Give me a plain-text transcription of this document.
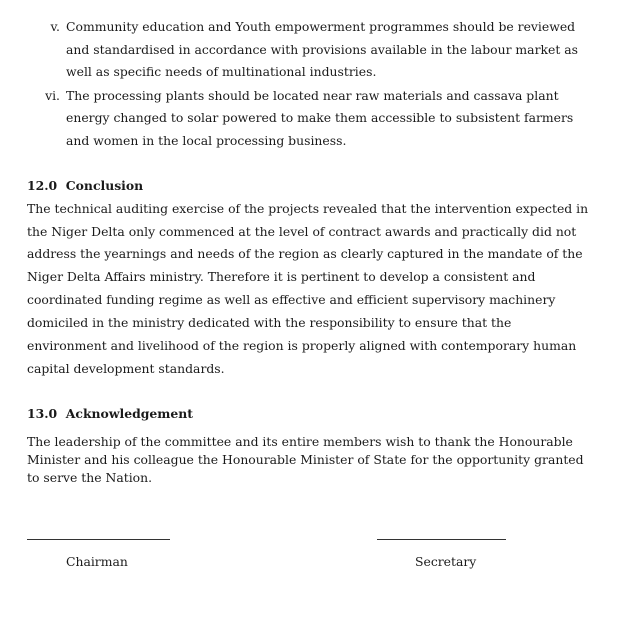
v. Community education and Youth empowerment programmes should be reviewed
and standardised in accordance with provisions available in the labour market as
well as specific needs of multinational industries.
vi. The processing plants should be located near raw materials and cassava plant
energy changed to solar powered to make them accessible to subsistent farmers
and women in the local processing business.
12.0  Conclusion
The technical auditing exercise of the projects revealed that the intervention expected in
the Niger Delta only commenced at the level of contract awards and practically did not
address the yearnings and needs of the region as clearly captured in the mandate of the
Niger Delta Affairs ministry. Therefore it is pertinent to develop a consistent and
coordinated funding regime as well as effective and efficient supervisory machinery
domiciled in the ministry dedicated with the responsibility to ensure that the
environment and livelihood of the region is properly aligned with contemporary human
capital development standards.
13.0  Acknowledgement
The leadership of the committee and its entire members wish to thank the Honourable
Minister and his colleague the Honourable Minister of State for the opportunity granted
to serve the Nation.
Chairman	Secretary
